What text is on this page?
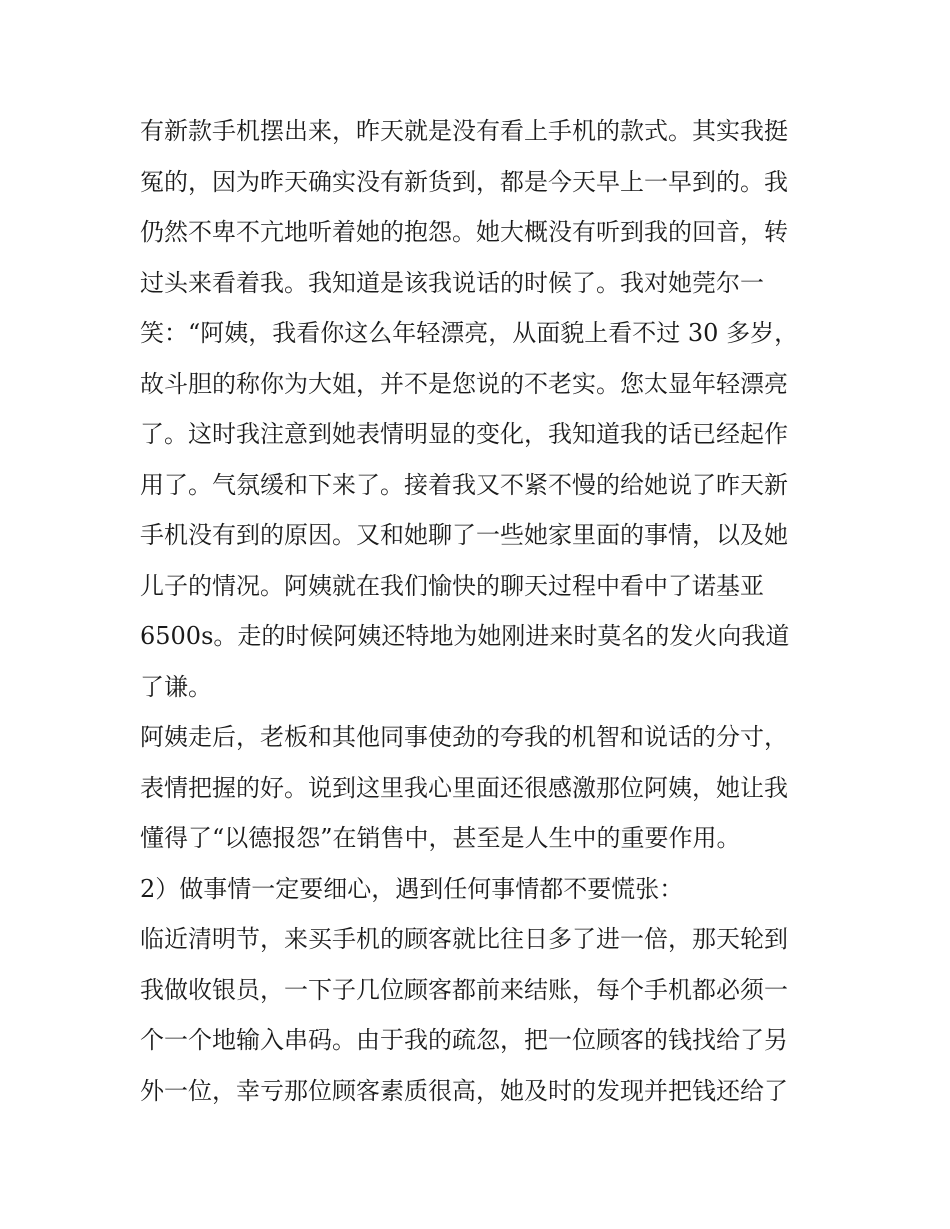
有新款手机摆出来，昨天就是没有看上手机的款式。其实我挺
冤的，因为昨天确实没有新货到，都是今天早上一早到的。我
仍然不卑不亢地听着她的抱怨。她大概没有听到我的回音，转
过头来看着我。我知道是该我说话的时候了。我对她莞尔一
笑：“阿姨，我看你这么年轻漂亮，从面貌上看不过 30 多岁，
故斗胆的称你为大姐，并不是您说的不老实。您太显年轻漂亮
了。这时我注意到她表情明显的变化，我知道我的话已经起作
用了。气氛缓和下来了。接着我又不紧不慢的给她说了昨天新
手机没有到的原因。又和她聊了一些她家里面的事情，以及她
儿子的情况。阿姨就在我们愉快的聊天过程中看中了诺基亚
6500s。走的时候阿姨还特地为她刚进来时莫名的发火向我道
了谦。
阿姨走后，老板和其他同事使劲的夸我的机智和说话的分寸，
表情把握的好。说到这里我心里面还很感激那位阿姨，她让我
懂得了“以德报怨”在销售中，甚至是人生中的重要作用。
2）做事情一定要细心，遇到任何事情都不要慌张：
临近清明节，来买手机的顾客就比往日多了进一倍，那天轮到
我做收银员，一下子几位顾客都前来结账，每个手机都必须一
个一个地输入串码。由于我的疏忽，把一位顾客的钱找给了另
外一位，幸亏那位顾客素质很高，她及时的发现并把钱还给了
